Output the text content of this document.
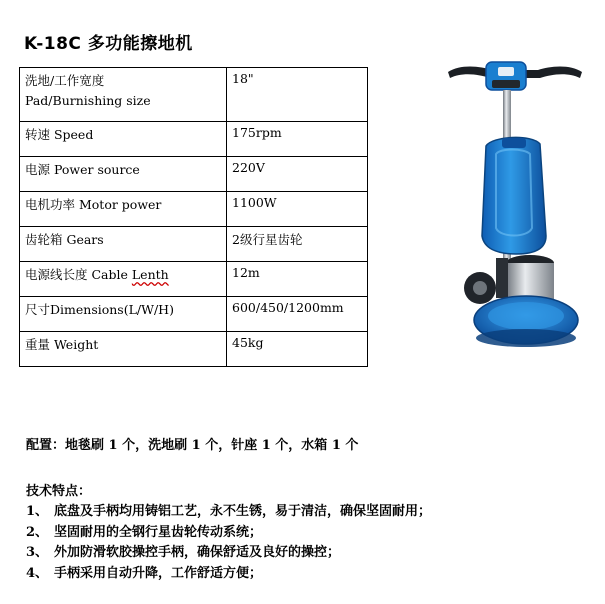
K-18C 多功能擦地机
洗地/工作宽度
Pad/Burnishing size	18"
转速 Speed	175rpm
电源 Power source	220V
电机功率 Motor power	1100W
齿轮箱 Gears	2级行星齿轮
电源线长度 Cable Lenth	12m
尺寸Dimensions(L/W/H)	600/450/1200mm
重量 Weight	45kg
配置：地毯刷 1 个，洗地刷 1 个，针座 1 个，水箱 1 个
技术特点：
1、 底盘及手柄均用铸铝工艺，永不生锈，易于清洁，确保坚固耐用；
2、 坚固耐用的全钢行星齿轮传动系统；
3、 外加防滑软胶操控手柄，确保舒适及良好的操控；
4、 手柄采用自动升降，工作舒适方便；
